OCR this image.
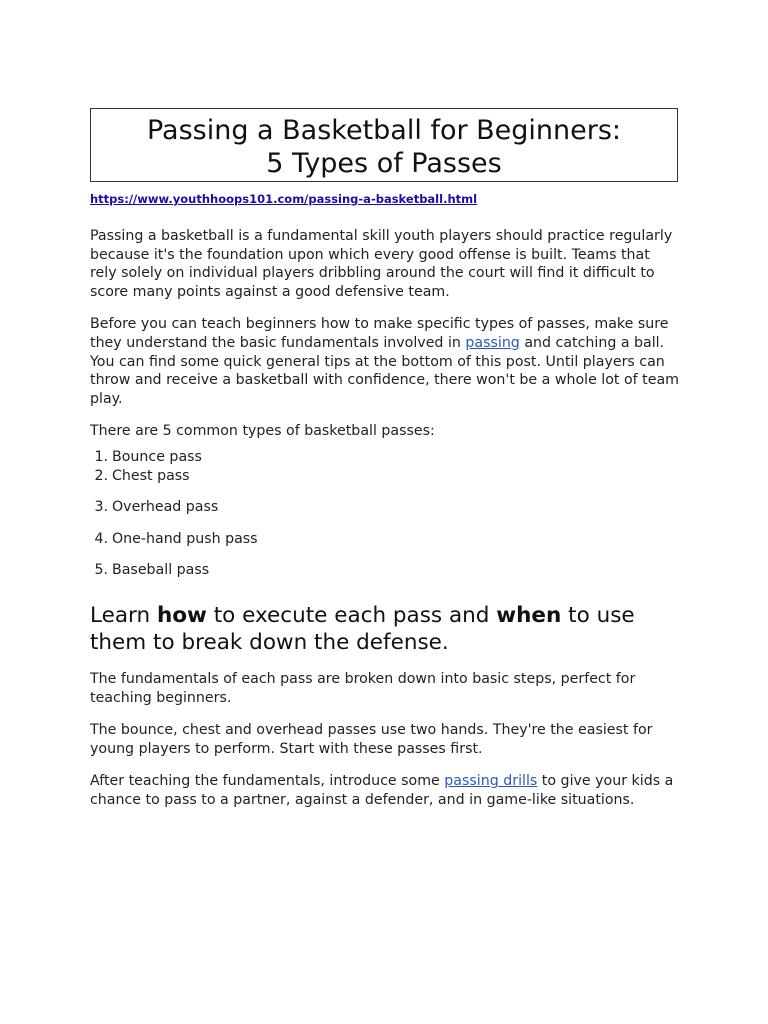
Passing a Basketball for Beginners:
5 Types of Passes
https://www.youthhoops101.com/passing-a-basketball.html

Passing a basketball is a fundamental skill youth players should practice regularly because it's the foundation upon which every good offense is built. Teams that rely solely on individual players dribbling around the court will find it difficult to score many points against a good defensive team.

Before you can teach beginners how to make specific types of passes, make sure they understand the basic fundamentals involved in passing and catching a ball. You can find some quick general tips at the bottom of this post. Until players can throw and receive a basketball with confidence, there won't be a whole lot of team play.

There are 5 common types of basketball passes:

1. Bounce pass
2. Chest pass
3. Overhead pass
4. One-hand push pass
5. Baseball pass
Learn how to execute each pass and when to use them to break down the defense.

The fundamentals of each pass are broken down into basic steps, perfect for teaching beginners.

The bounce, chest and overhead passes use two hands. They're the easiest for young players to perform. Start with these passes first.

After teaching the fundamentals, introduce some passing drills to give your kids a chance to pass to a partner, against a defender, and in game-like situations.
